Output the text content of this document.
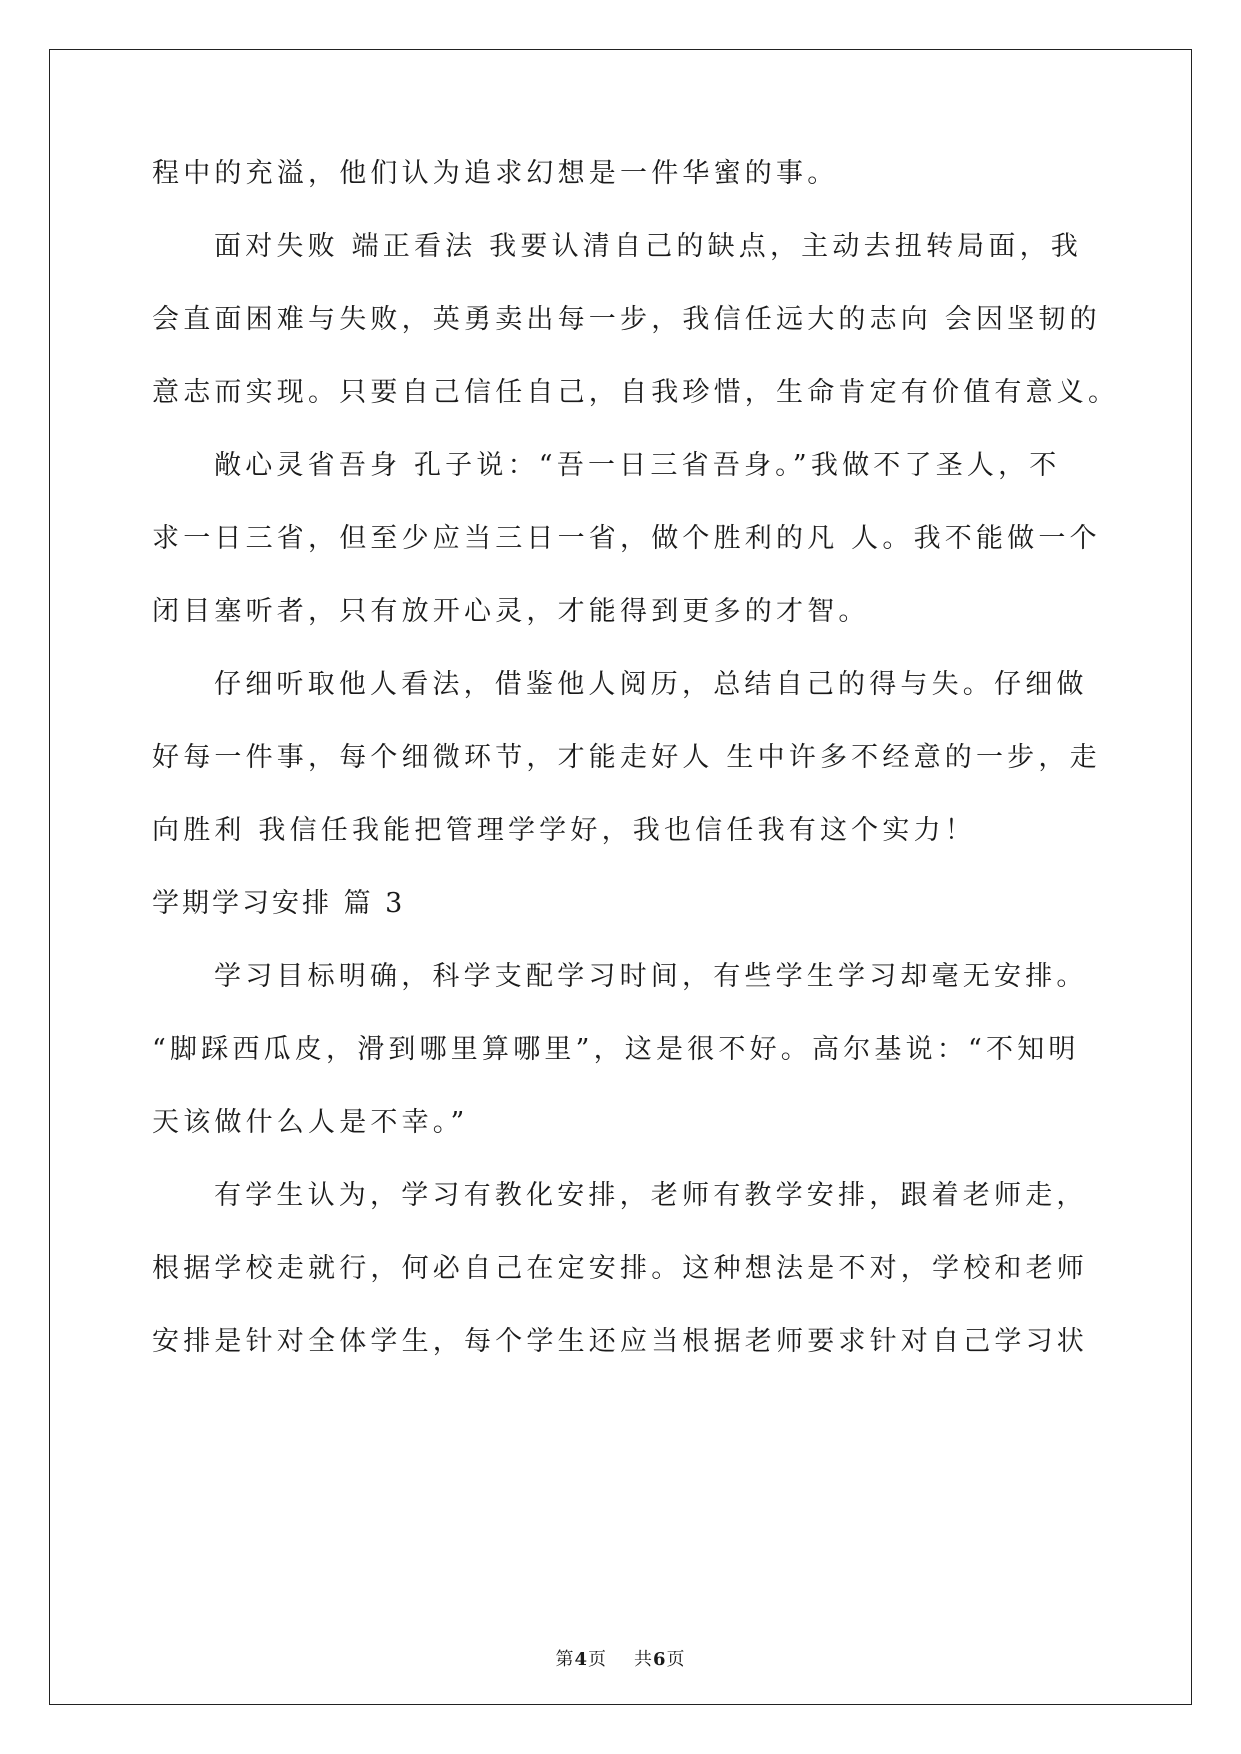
程中的充溢，他们认为追求幻想是一件华蜜的事。
面对失败 端正看法 我要认清自己的缺点，主动去扭转局面，我
会直面困难与失败，英勇卖出每一步，我信任远大的志向 会因坚韧的
意志而实现。只要自己信任自己，自我珍惜，生命肯定有价值有意义。
敞心灵省吾身 孔子说：“吾一日三省吾身。”我做不了圣人，不
求一日三省，但至少应当三日一省，做个胜利的凡 人。我不能做一个
闭目塞听者，只有放开心灵，才能得到更多的才智。
仔细听取他人看法，借鉴他人阅历，总结自己的得与失。仔细做
好每一件事，每个细微环节，才能走好人 生中许多不经意的一步，走
向胜利 我信任我能把管理学学好，我也信任我有这个实力！
学期学习安排 篇 3
学习目标明确，科学支配学习时间，有些学生学习却毫无安排。
“脚踩西瓜皮，滑到哪里算哪里”，这是很不好。高尔基说：“不知明
天该做什么人是不幸。”
有学生认为，学习有教化安排，老师有教学安排，跟着老师走，
根据学校走就行，何必自己在定安排。这种想法是不对，学校和老师
安排是针对全体学生，每个学生还应当根据老师要求针对自己学习状
第4页 共6页
